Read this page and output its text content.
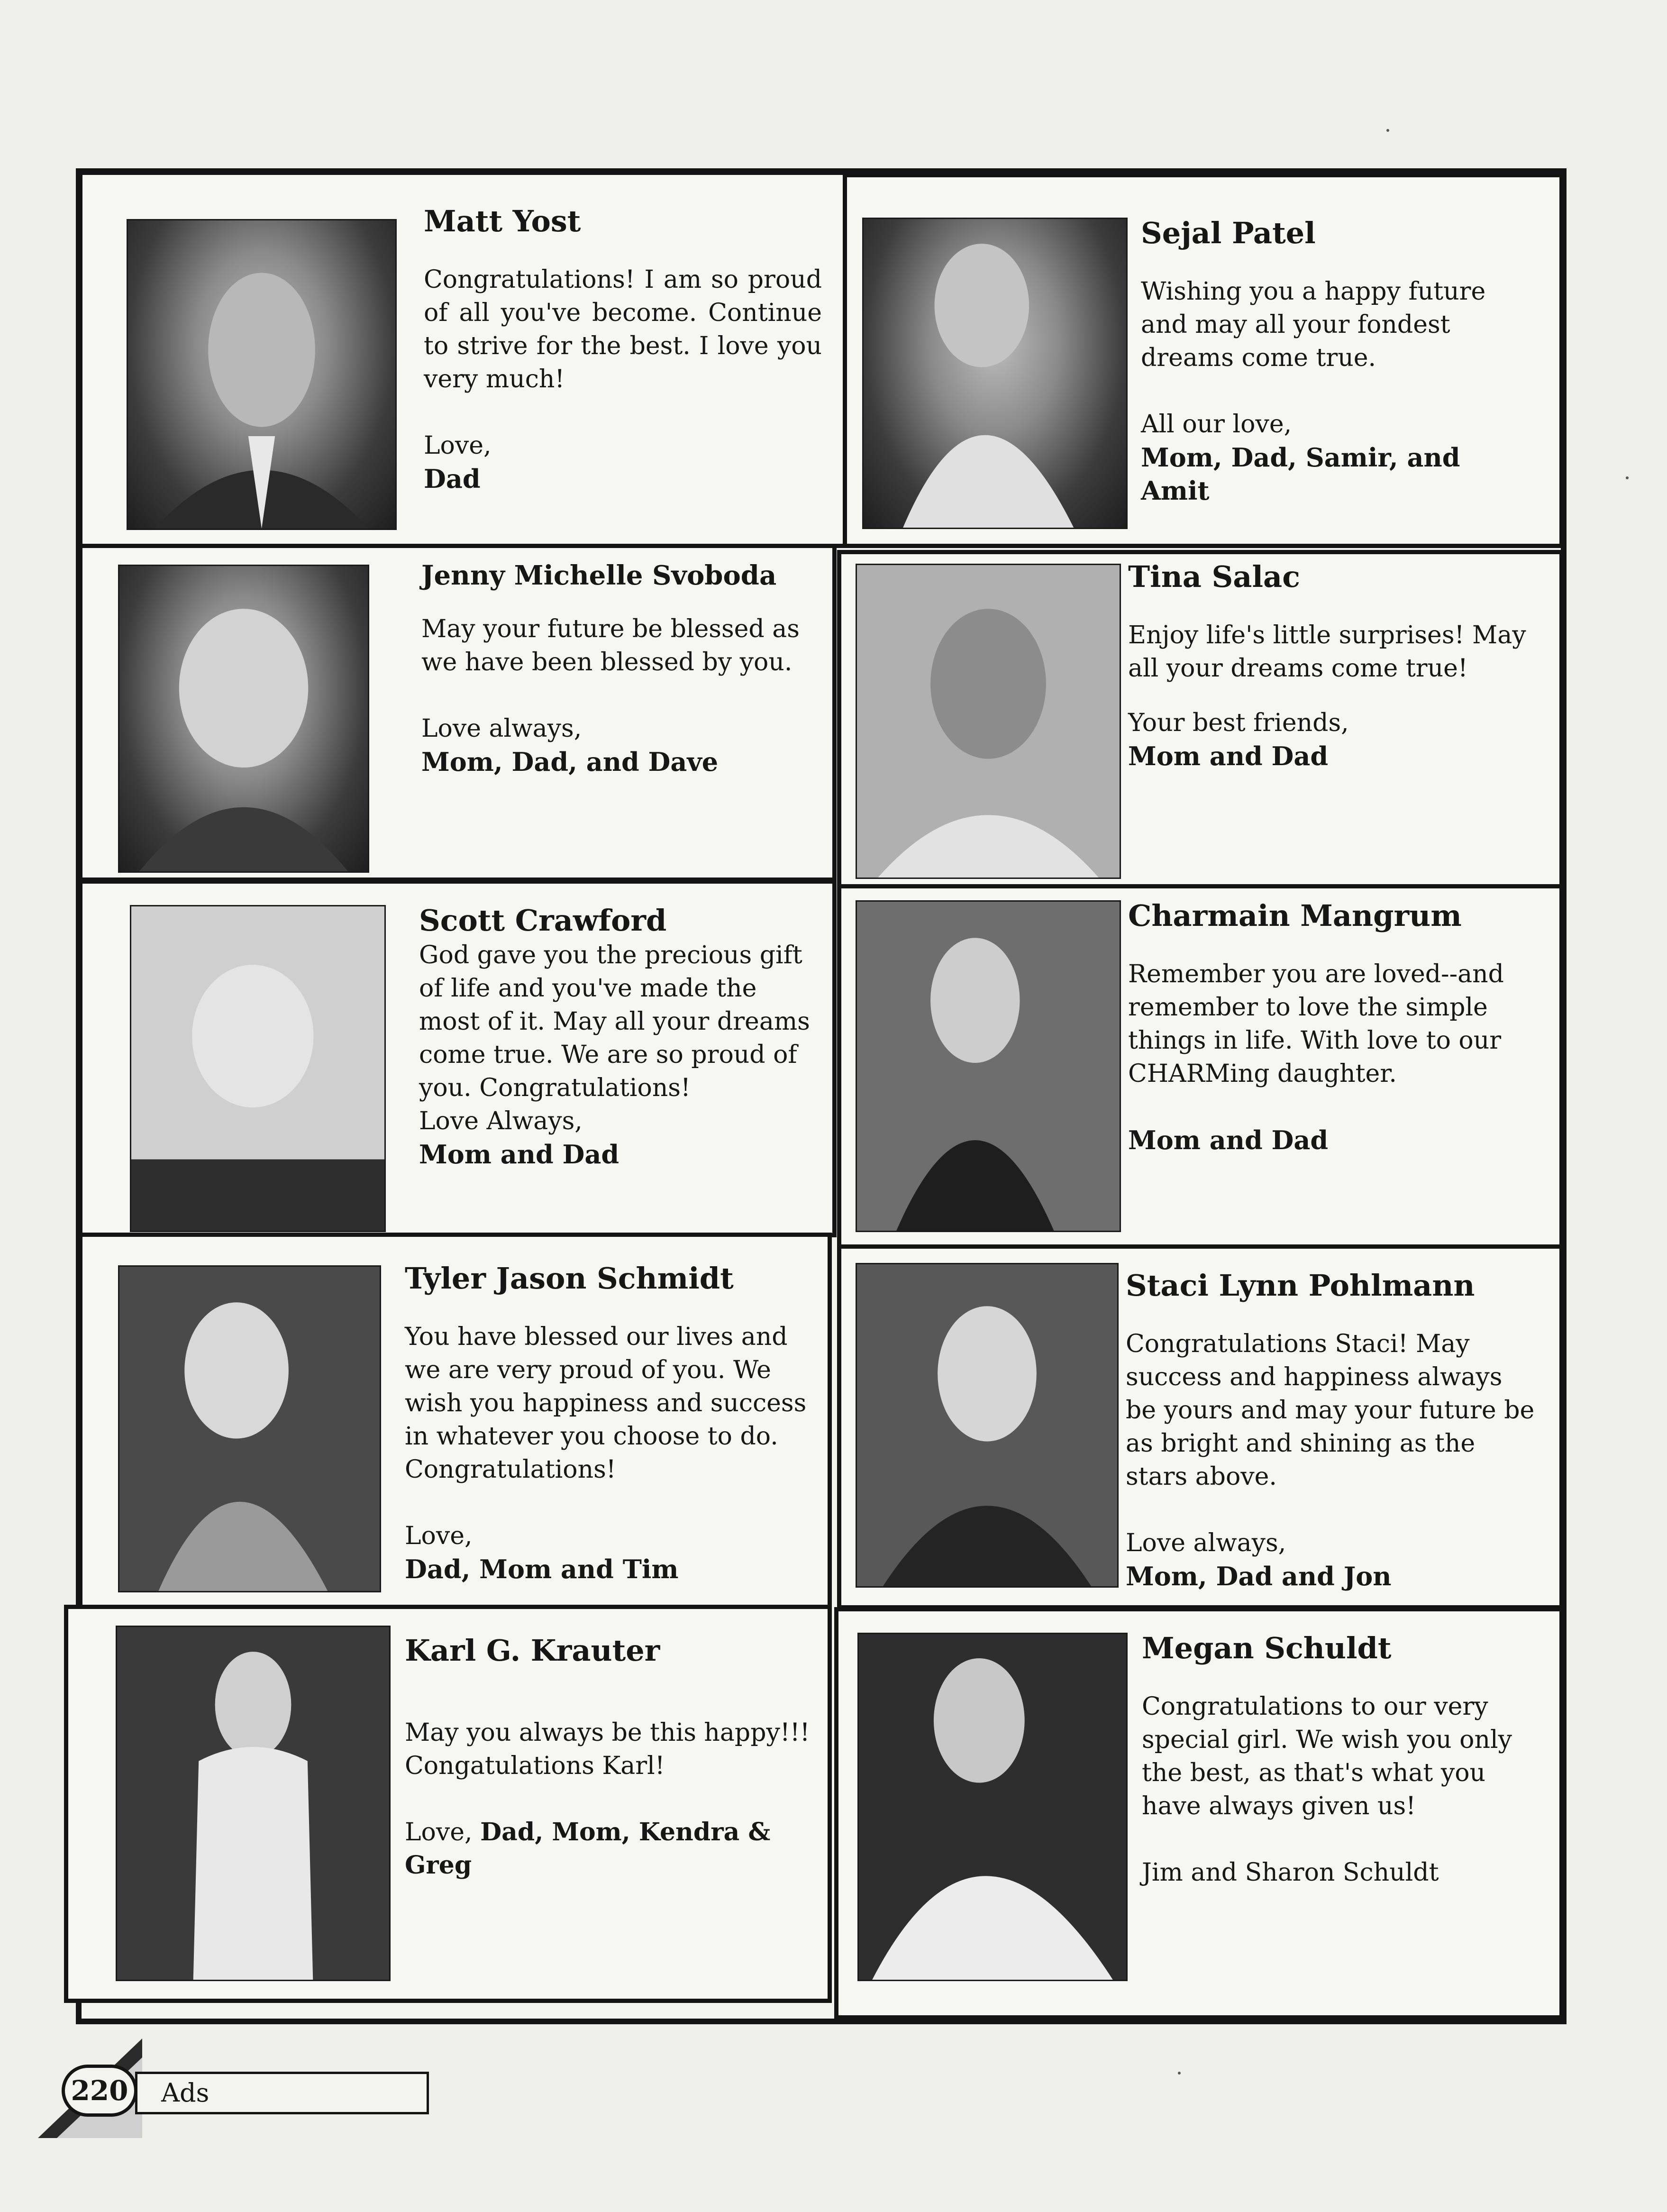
Matt Yost

Congratulations! I am so proud of all you've become. Continue to strive for the best. I love you very much!

Love,

Dad

Sejal Patel

Wishing you a happy future and may all your fondest dreams come true.

All our love,

Mom, Dad, Samir, and Amit

Jenny Michelle Svoboda

May your future be blessed as we have been blessed by you.

Love always,

Mom, Dad, and Dave

Tina Salac

Enjoy life's little surprises! May all your dreams come true!

Your best friends,

Mom and Dad

Scott Crawford

God gave you the precious gift of life and you've made the most of it. May all your dreams come true. We are so proud of you. Congratulations!

Love Always,

Mom and Dad

Charmain Mangrum

Remember you are loved--and remember to love the simple things in life. With love to our CHARMing daughter.

Mom and Dad

Tyler Jason Schmidt

You have blessed our lives and we are very proud of you. We wish you happiness and success in whatever you choose to do. Congratulations!

Love,

Dad, Mom and Tim

Staci Lynn Pohlmann

Congratulations Staci! May success and happiness always be yours and may your future be as bright and shining as the stars above.

Love always,

Mom, Dad and Jon

Karl G. Krauter

May you always be this happy!!! Congatulations Karl!

Love, Dad, Mom, Kendra & Greg

Megan Schuldt

Congratulations to our very special girl. We wish you only the best, as that's what you have always given us!

Jim and Sharon Schuldt

220	Ads
